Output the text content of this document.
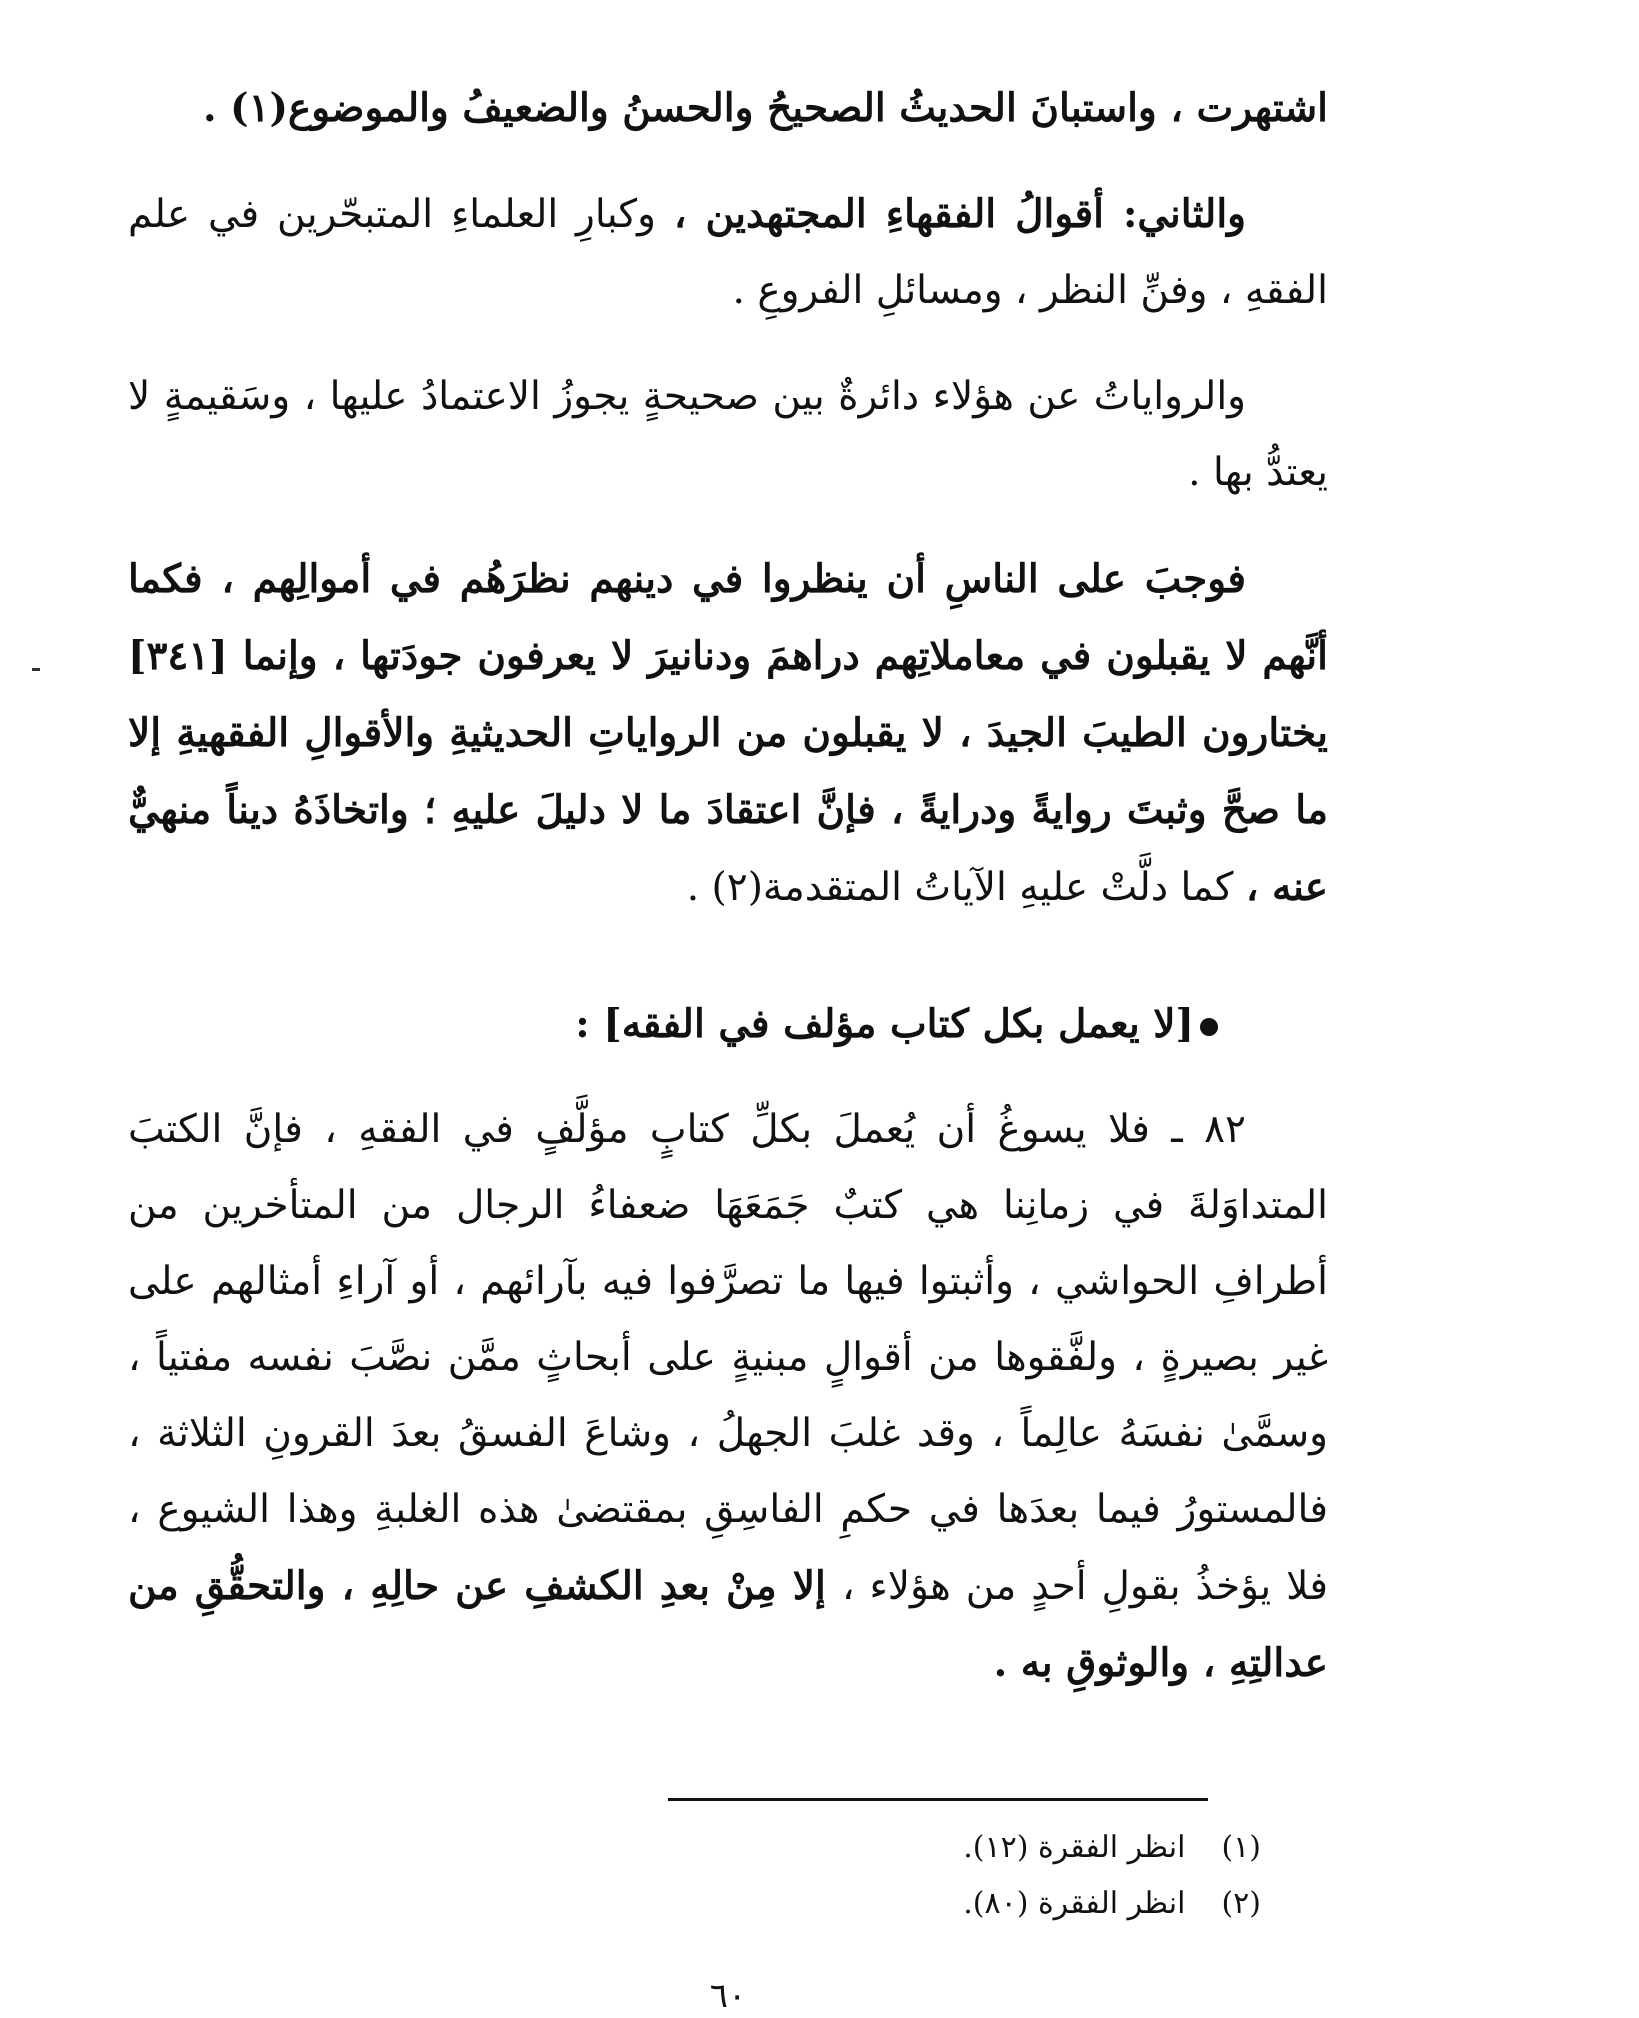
اشتهرت ، واستبانَ الحديثُ الصحيحُ والحسنُ والضعيفُ والموضوع(١) .

والثاني: أقوالُ الفقهاءِ المجتهدين ، وكبارِ العلماءِ المتبحّرين في علم الفقهِ ، وفنِّ النظر ، ومسائلِ الفروعِ .

والرواياتُ عن هؤلاء دائرةٌ بين صحيحةٍ يجوزُ الاعتمادُ عليها ، وسَقيمةٍ لا يعتدُّ بها .

فوجبَ على الناسِ أن ينظروا في دينهم نظرَهُم في أموالِهم ، فكما أنَّهم لا يقبلون في معاملاتِهم دراهمَ ودنانيرَ لا يعرفون جودَتها ، وإنما [٣٤١] يختارون الطيبَ الجيدَ ، لا يقبلون من الرواياتِ الحديثيةِ والأقوالِ الفقهيةِ إلا ما صحَّ وثبتَ روايةً ودرايةً ، فإنَّ اعتقادَ ما لا دليلَ عليهِ ؛ واتخاذَهُ ديناً منهيٌّ عنه ، كما دلَّتْ عليهِ الآياتُ المتقدمة(٢) .

[لا يعمل بكل كتاب مؤلف في الفقه] :

٨٢ ـ فلا يسوغُ أن يُعملَ بكلِّ كتابٍ مؤلَّفٍ في الفقهِ ، فإنَّ الكتبَ المتداوَلةَ في زمانِنا هي كتبٌ جَمَعَهَا ضعفاءُ الرجال من المتأخرين من أطرافِ الحواشي ، وأثبتوا فيها ما تصرَّفوا فيه بآرائهم ، أو آراءِ أمثالهم على غير بصيرةٍ ، ولفَّقوها من أقوالٍ مبنيةٍ على أبحاثٍ ممَّن نصَّبَ نفسه مفتياً ، وسمَّىٰ نفسَهُ عالِماً ، وقد غلبَ الجهلُ ، وشاعَ الفسقُ بعدَ القرونِ الثلاثة ، فالمستورُ فيما بعدَها في حكمِ الفاسِقِ بمقتضىٰ هذه الغلبةِ وهذا الشيوع ، فلا يؤخذُ بقولِ أحدٍ من هؤلاء ، إلا مِنْ بعدِ الكشفِ عن حالِهِ ، والتحقُّقِ من عدالتِهِ ، والوثوقِ به .

(١) انظر الفقرة (١٢).
(٢) انظر الفقرة (٨٠).
٦٠
